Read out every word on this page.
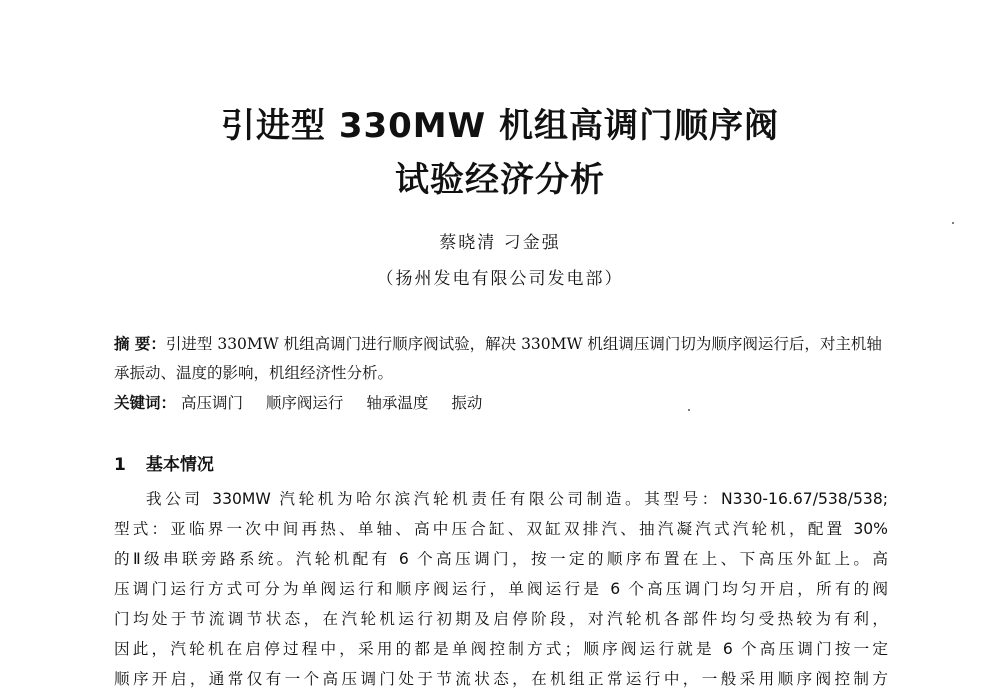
引进型 330MW 机组高调门顺序阀
试验经济分析
蔡晓清 刁金强
（扬州发电有限公司发电部）
摘 要：引进型 330MW 机组高调门进行顺序阀试验，解决 330MW 机组调压调门切为顺序阀运行后，对主机轴承振动、温度的影响，机组经济性分析。
关键词： 高压调门 顺序阀运行 轴承温度 振动
1 基本情况

我公司 330MW 汽轮机为哈尔滨汽轮机责任有限公司制造。其型号：N330-16.67/538/538;
型式：亚临界一次中间再热、单轴、高中压合缸、双缸双排汽、抽汽凝汽式汽轮机，配置 30%
的Ⅱ级串联旁路系统。汽轮机配有 6 个高压调门，按一定的顺序布置在上、下高压外缸上。高
压调门运行方式可分为单阀运行和顺序阀运行，单阀运行是 6 个高压调门均匀开启，所有的阀
门均处于节流调节状态，在汽轮机运行初期及启停阶段，对汽轮机各部件均匀受热较为有利，
因此，汽轮机在启停过程中，采用的都是单阀控制方式；顺序阀运行就是 6 个高压调门按一定
顺序开启，通常仅有一个高压调门处于节流状态，在机组正常运行中，一般采用顺序阀控制方
